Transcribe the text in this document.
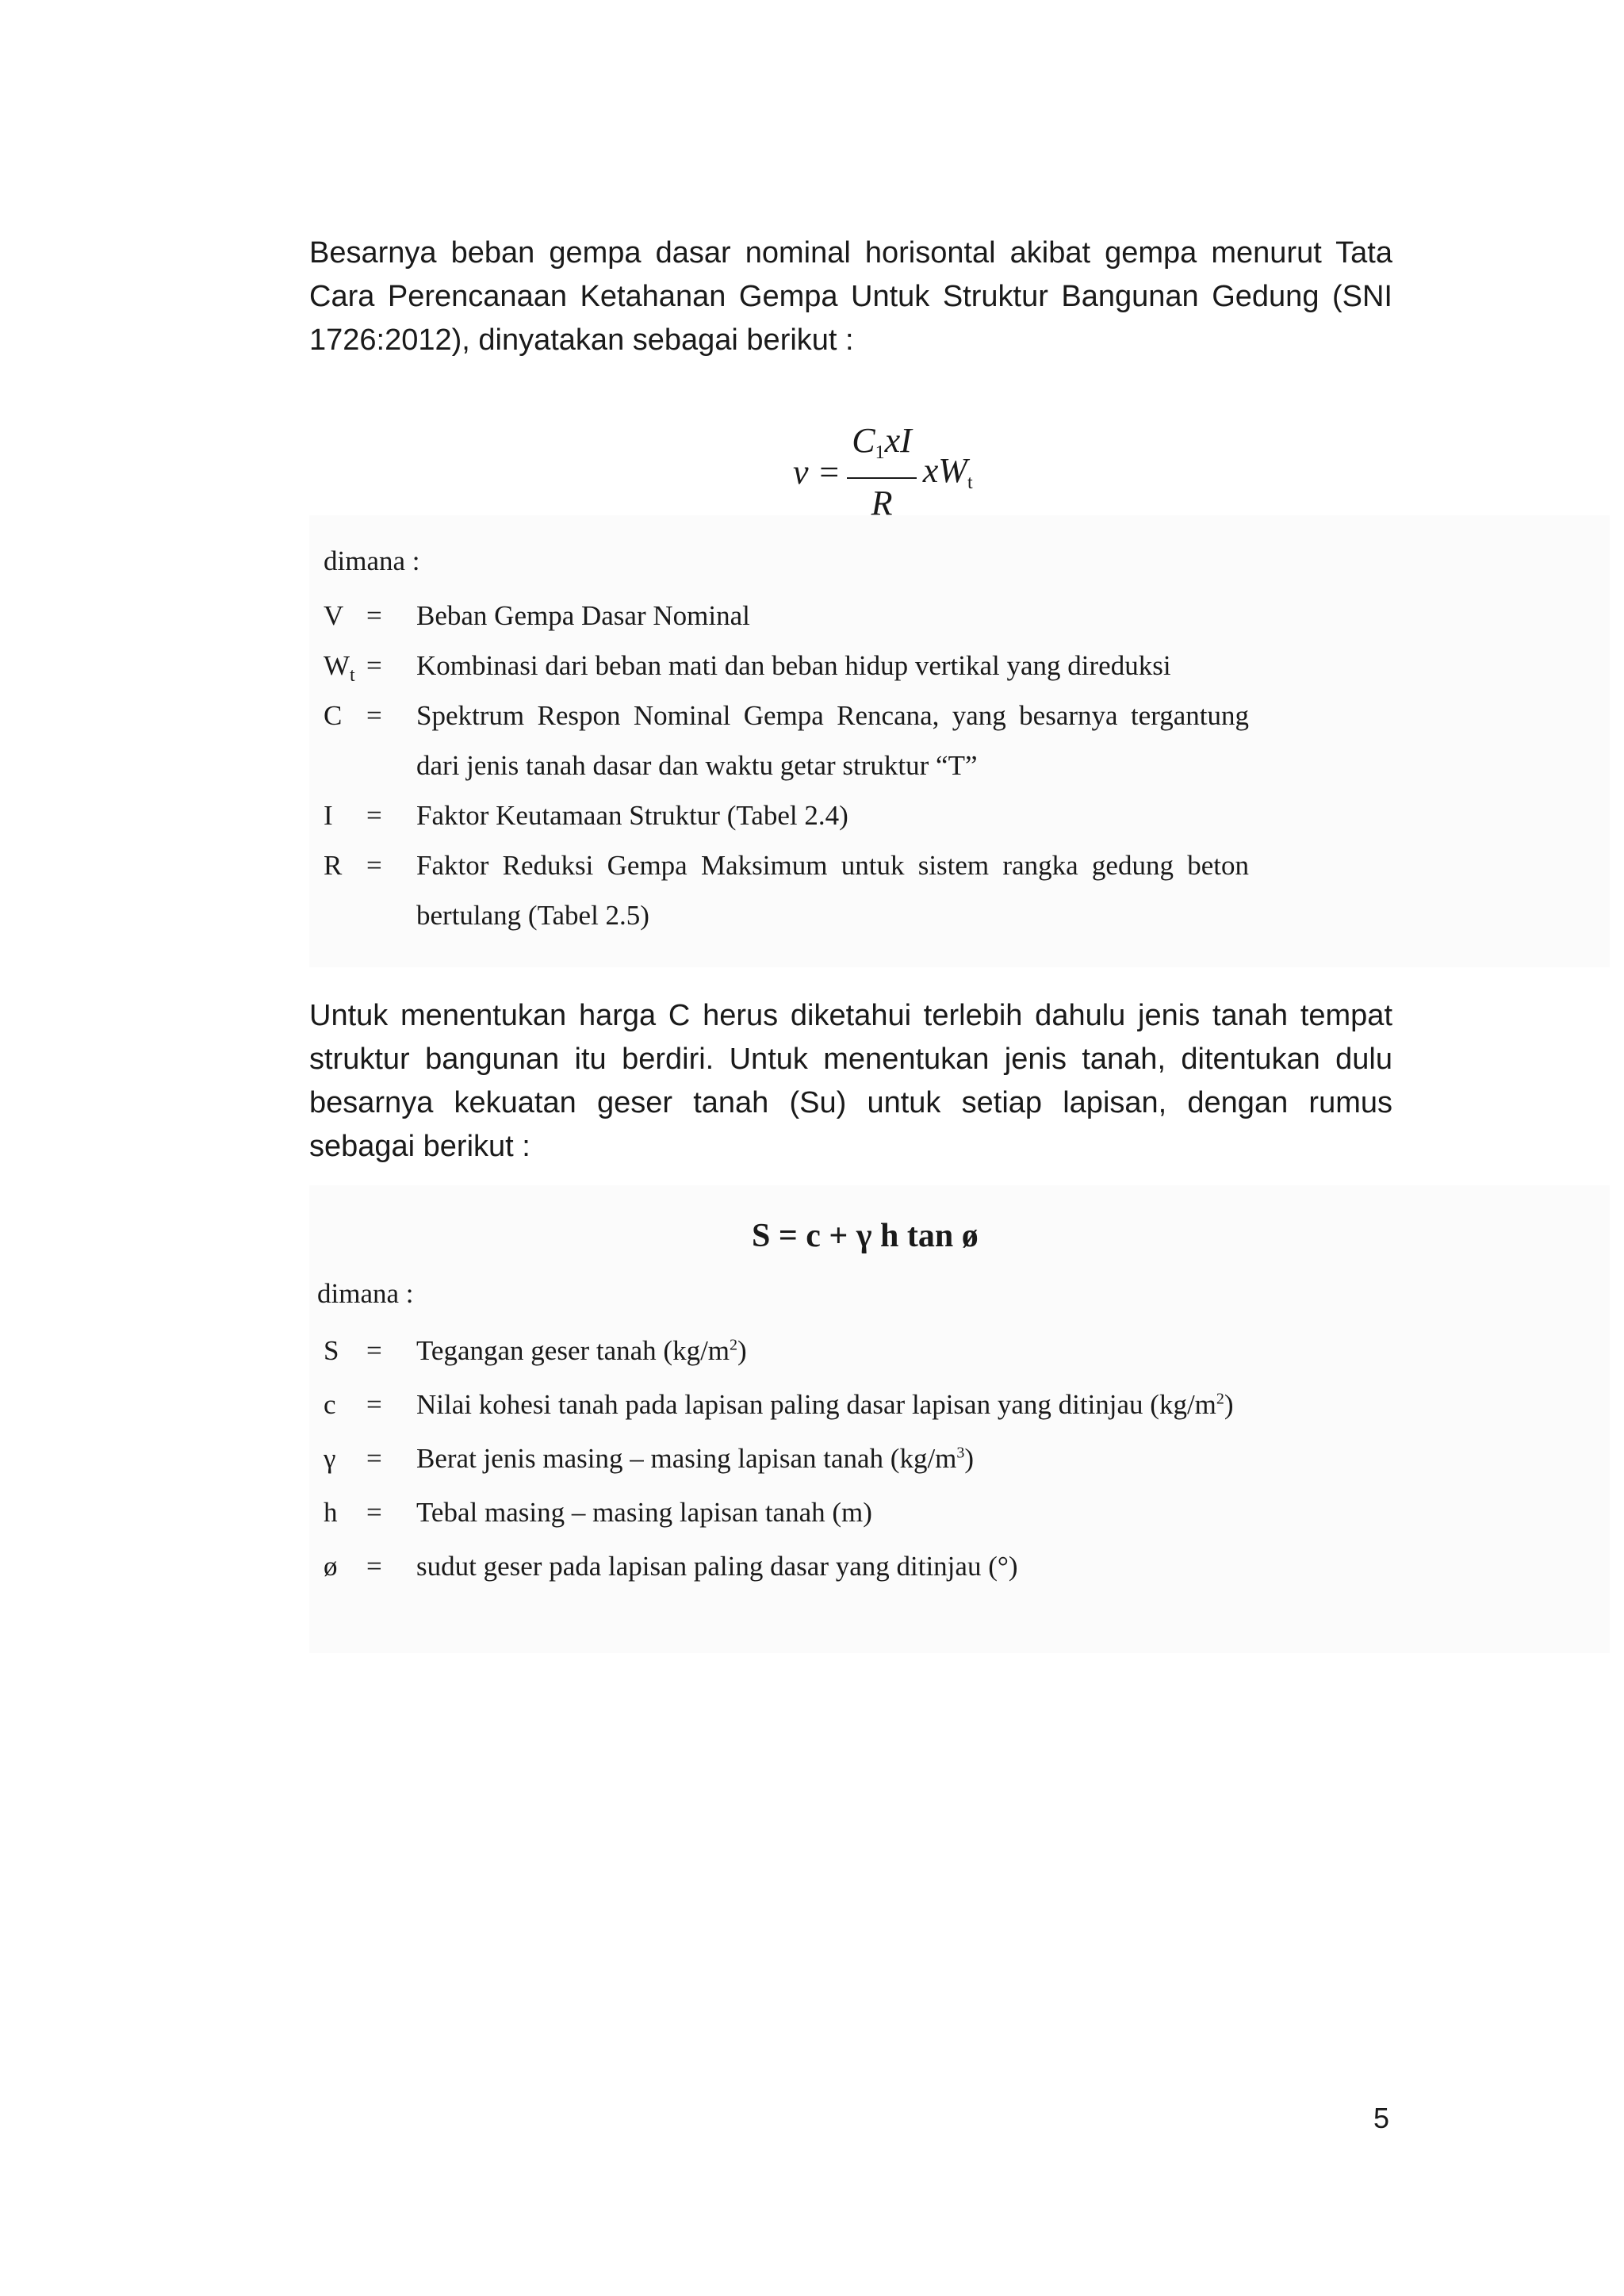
Besarnya beban gempa dasar nominal horisontal akibat gempa menurut Tata Cara Perencanaan Ketahanan Gempa Untuk Struktur Bangunan Gedung (SNI 1726:2012), dinyatakan sebagai berikut :

$v = \frac{C_1xI}{R} xW_t$
dimana :
V = Beban Gempa Dasar Nominal
$W_t$ = Kombinasi dari beban mati dan beban hidup vertikal yang direduksi
C = Spektrum Respon Nominal Gempa Rencana, yang besarnya tergantung dari jenis tanah dasar dan waktu getar struktur “T”
I = Faktor Keutamaan Struktur (Tabel 2.4)
R = Faktor Reduksi Gempa Maksimum untuk sistem rangka gedung beton bertulang (Tabel 2.5)

Untuk menentukan harga C herus diketahui terlebih dahulu jenis tanah tempat struktur bangunan itu berdiri. Untuk menentukan jenis tanah, ditentukan dulu besarnya kekuatan geser tanah (Su) untuk setiap lapisan, dengan rumus sebagai berikut :

S = c + γ h tan ø
dimana :
S = Tegangan geser tanah $(kg/m^2)$
c = Nilai kohesi tanah pada lapisan paling dasar lapisan yang ditinjau $(kg/m^2)$
γ = Berat jenis masing – masing lapisan tanah $(kg/m^3)$
h = Tebal masing – masing lapisan tanah (m)
ø = sudut geser pada lapisan paling dasar yang ditinjau (°)
5
